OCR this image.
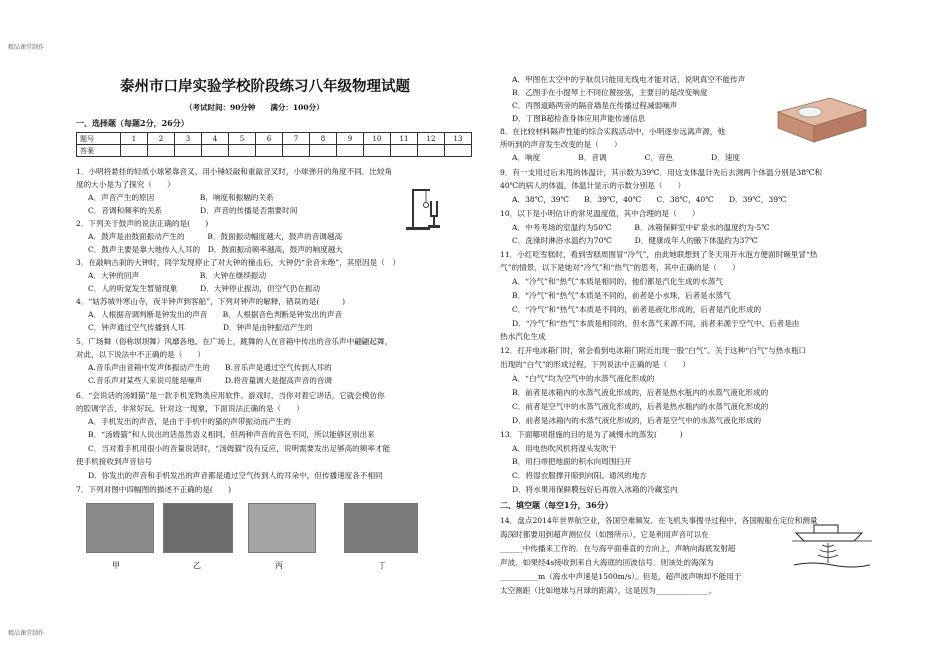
精品课堂制作
精品课堂制作
泰州市口岸实验学校阶段练习八年级物理试题
（考试时间：90分钟　　满分：100分）
一、选择题（每题2分，26分）
题号	1	2	3	4	5	6	7	8	9	10	11	12	13
答案													
1．小明将悬挂的轻质小球紧靠音叉，用小锤轻敲和重敲音叉时，小球弹开的角度不同．比较角
度的大小是为了探究（　　）
A．声音产生的原因　　　　　　B．响度和振幅的关系
C．音调和频率的关系　　　　　D．声音的传播是否需要时间
2．下列关于鼓声的说法正确的是(　　)
A．鼓声是由鼓面振动产生的　　　B．鼓面振动幅度越大，鼓声的音调越高
C．鼓声主要是靠大地传入人耳的　D．鼓面振动频率越高，鼓声的响度越大
3．在敲响古刹的大钟时，同学发现停止了对大钟的撞击后，大钟仍“余音未绝”，其原因是（　）
A．大钟的回声　　　　　　　　B．大钟在继续振动
C．人的听觉发生暂留现象　　　D．大钟停止振动，但空气仍在振动
4．“姑苏城外寒山寺，夜半钟声到客船”，下列对钟声的解释，错误的是(　　　)
A．人根据音调判断是钟发出的声音　　B．人根据音色判断是钟发出的声音
C．钟声通过空气传播到人耳　　　　　D．钟声是由钟振动产生的
5．广场舞（俗称坝坝舞）风靡各地。在广场上，跳舞的人在音箱中传出的音乐声中翩翩起舞，
对此，以下说法中不正确的是（　　）
A.音乐声由音箱中发声体振动产生的　　B.音乐声是通过空气传到人耳的
C.音乐声对某些人来说可能是噪声　　　D.将音量调大是提高声音的音调
6．“会说话的汤姆猫”是一款手机宠物类应用软件。游戏时，当你对着它讲话，它就会模仿你
的腔调学舌，非常好玩。针对这一现象，下面说法正确的是（　　）
A．手机发出的声音，是由于手机中的猫的声带振动而产生的
B．“汤姆猫”和人说出的话虽然语义相同，但两种声音的音色不同，所以能够区别出来
C．当对着手机用很小的音量说话时，“汤姆猫”没有反应，说明需要发出足够高的频率才能
使手机接收到声音信号
D．你发出的声音和手机发出的声音都是通过空气传到人的耳朵中，但传播速度各不相同
7．下列对图中四幅图的描述不正确的是(　　)
甲	乙	丙	丁
A．甲图在太空中的宇航员只能用无线电才能对话，说明真空不能传声
B．乙图手在小提琴上不同位置按弦，主要目的是改变响度
C．丙图道路两旁的隔音墙是在传播过程减弱噪声
D．丁图B超检查身体应用声能传递信息
8．在比较材料隔声性能的综合实践活动中，小明逐步远离声源，他
所听到的声音发生改变的是（　　）
A．响度　　　　　B．音调　　　　　C．音色　　　　　D．速度
9．有一支用过后未甩的体温计，其示数为39℃．用这支体温计先后去测两个体温分别是38℃和
40℃的病人的体温，体温计显示的示数分别是（　　）
A．38℃，39℃　　B．39℃，40℃　　C．38℃，40℃　　D．39℃，39℃
10．以下是小明估计的常见温度值，其中合理的是（　　）
A．中考考场的室温约为50℃　　　B．冰箱保鲜室中矿泉水的温度约为-5℃
C．洗澡时淋浴水温约为70℃　　　D．健康成年人的腋下体温约为37℃
11．小红吃雪糕时，看到雪糕周围冒“冷气”，由此她联想到了冬天用开水泡方便面时碗里冒“热
气”的情景．以下是她对“冷气”和“热气”的思考，其中正确的是（　　）
A．“冷气”和“热气”本质是相同的，他们都是汽化生成的水蒸气
B．“冷气”和“热气”本质是不同的，前者是小水珠，后者是水蒸气
C．“冷气”和“热气”本质是不同的，前者是液化形成的，后者是汽化形成的
D．“冷气”和“热气”本质是相同的，但水蒸气来源不同，前者来源于空气中、后者是由
热水汽化生成
12．打开电冰箱门时，常会看到电冰箱门附近出现一股“白气”。关于这种“白气”与热水瓶口
出现的“白气”的形成过程，下列说法中正确的是（　　）
A．“白气”均为空气中的水蒸气液化形成的
B．前者是冰箱内的水蒸气液化形成的，后者是热水瓶内的水蒸气液化形成的
C．前者是空气中的水蒸气液化形成的，后者是热水瓶内的水蒸气液化形成的
D．前者是冰箱内的水蒸气液化形成的，后者是空气中的水蒸气液化形成的
13．下面哪项措施的目的是为了减慢水的蒸发(　　　)
A．用电热吹风机将湿头发吹干
B．用扫帚把地面的积水向周围扫开
C．将湿衣服撑开晾到向阳、通风的地方
D．将水果用保鲜膜包好后再放入冰箱的冷藏室内
二、填空题（每空1分，36分）
14．盘点2014年世界航空业，各国空难频发．在飞机失事搜寻过程中，各国舰船在定位和测量
海深时都要用到超声测位仪（如图所示），它是利用声音可以在
______中传播来工作的．在与海平面垂直的方向上，声呐向海底发射超
声波．如果经4s接收到来自大海底的回波信号．则该处的海深为
__________m（海水中声速是1500m/s）。但是，超声波声呐却不能用于
太空测距（比如地球与月球的距离），这是因为______________。
